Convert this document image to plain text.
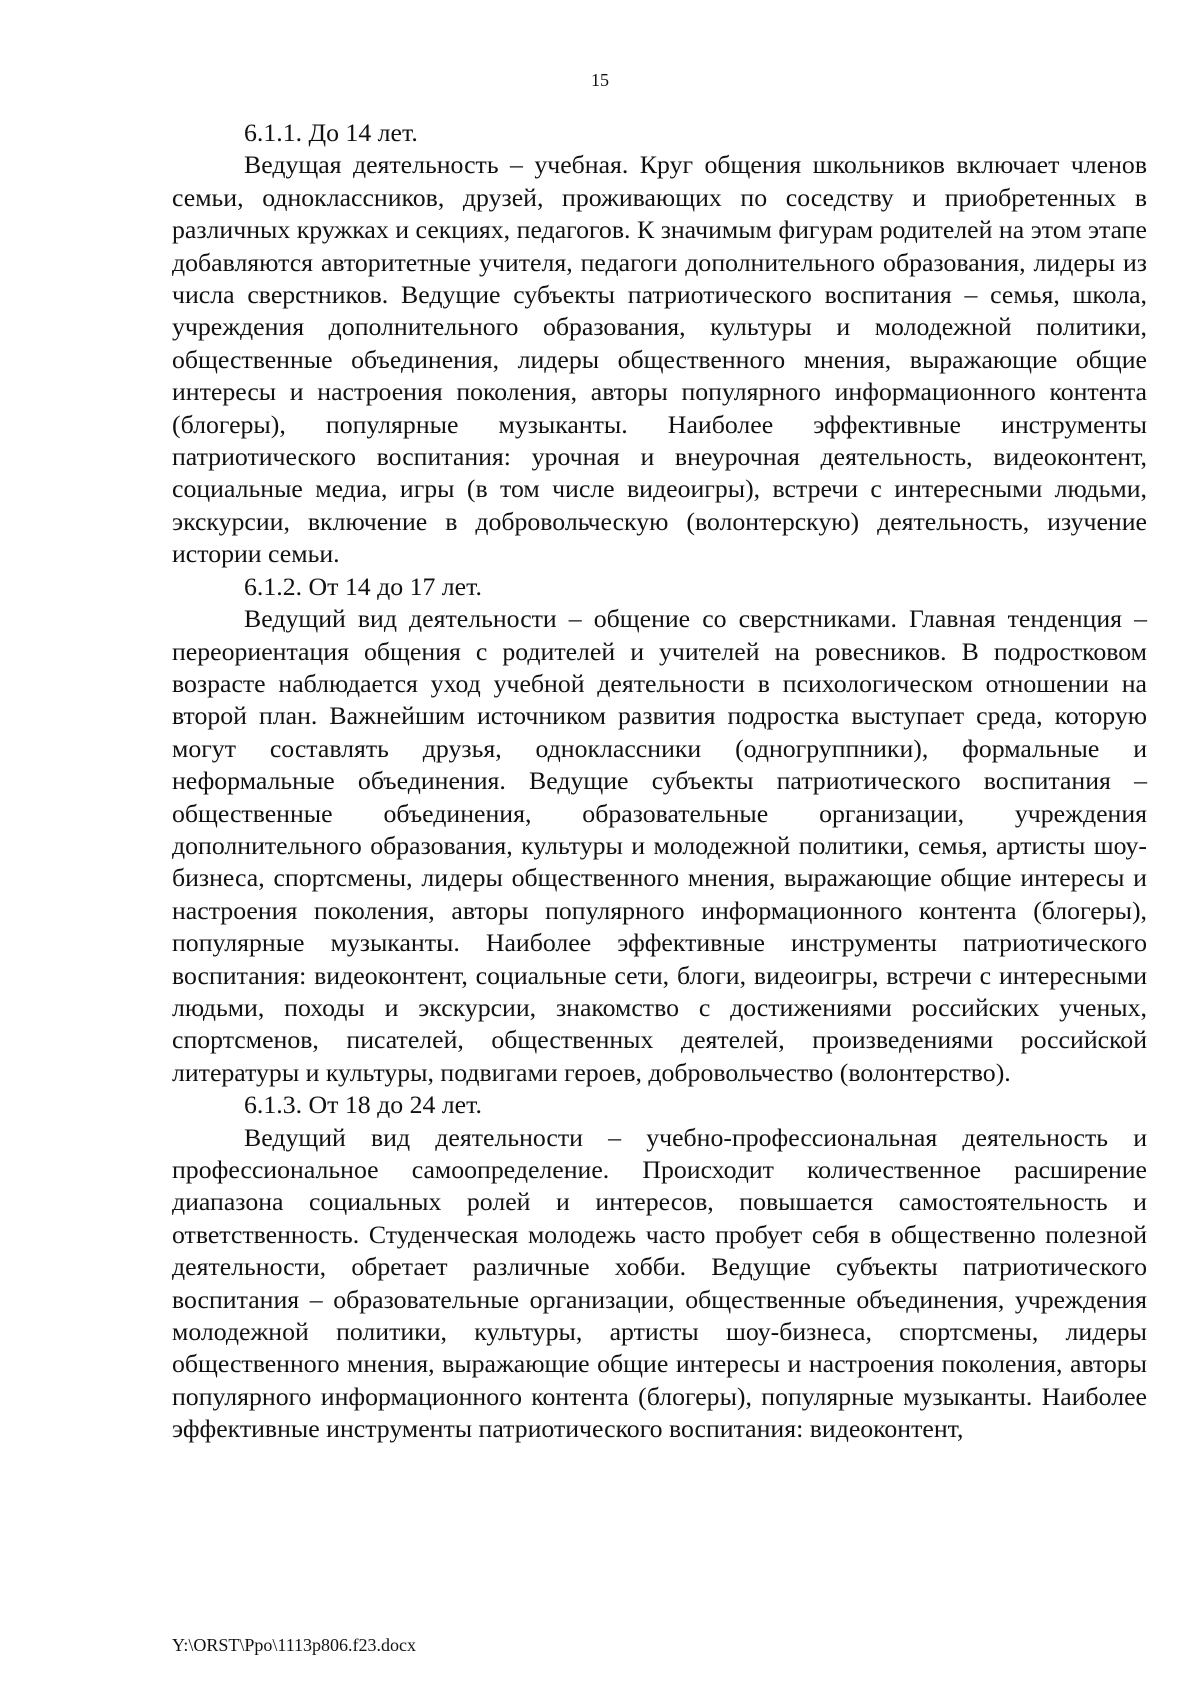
15

6.1.1. До 14 лет.

Ведущая деятельность – учебная. Круг общения школьников включает членов семьи, одноклассников, друзей, проживающих по соседству и приобретенных в различных кружках и секциях, педагогов. К значимым фигурам родителей на этом этапе добавляются авторитетные учителя, педагоги дополнительного образования, лидеры из числа сверстников. Ведущие субъекты патриотического воспитания – семья, школа, учреждения дополнительного образования, культуры и молодежной политики, общественные объединения, лидеры общественного мнения, выражающие общие интересы и настроения поколения, авторы популярного информационного контента (блогеры), популярные музыканты. Наиболее эффективные инструменты патриотического воспитания: урочная и внеурочная деятельность, видеоконтент, социальные медиа, игры (в том числе видеоигры), встречи с интересными людьми, экскурсии, включение в добровольческую (волонтерскую) деятельность, изучение истории семьи.

6.1.2. От 14 до 17 лет.

Ведущий вид деятельности – общение со сверстниками. Главная тенденция – переориентация общения с родителей и учителей на ровесников. В подростковом возрасте наблюдается уход учебной деятельности в психологическом отношении на второй план. Важнейшим источником развития подростка выступает среда, которую могут составлять друзья, одноклассники (одногруппники), формальные и неформальные объединения. Ведущие субъекты патриотического воспитания – общественные объединения, образовательные организации, учреждения дополнительного образования, культуры и молодежной политики, семья, артисты шоу-бизнеса, спортсмены, лидеры общественного мнения, выражающие общие интересы и настроения поколения, авторы популярного информационного контента (блогеры), популярные музыканты. Наиболее эффективные инструменты патриотического воспитания: видеоконтент, социальные сети, блоги, видеоигры, встречи с интересными людьми, походы и экскурсии, знакомство с достижениями российских ученых, спортсменов, писателей, общественных деятелей, произведениями российской литературы и культуры, подвигами героев, добровольчество (волонтерство).

6.1.3. От 18 до 24 лет.

Ведущий вид деятельности – учебно-профессиональная деятельность и профессиональное самоопределение. Происходит количественное расширение диапазона социальных ролей и интересов, повышается самостоятельность и ответственность. Студенческая молодежь часто пробует себя в общественно полезной деятельности, обретает различные хобби. Ведущие субъекты патриотического воспитания – образовательные организации, общественные объединения, учреждения молодежной политики, культуры, артисты шоу-бизнеса, спортсмены, лидеры общественного мнения, выражающие общие интересы и настроения поколения, авторы популярного информационного контента (блогеры), популярные музыканты. Наиболее эффективные инструменты патриотического воспитания: видеоконтент,

Y:\ORST\Ppo\1113p806.f23.docx
